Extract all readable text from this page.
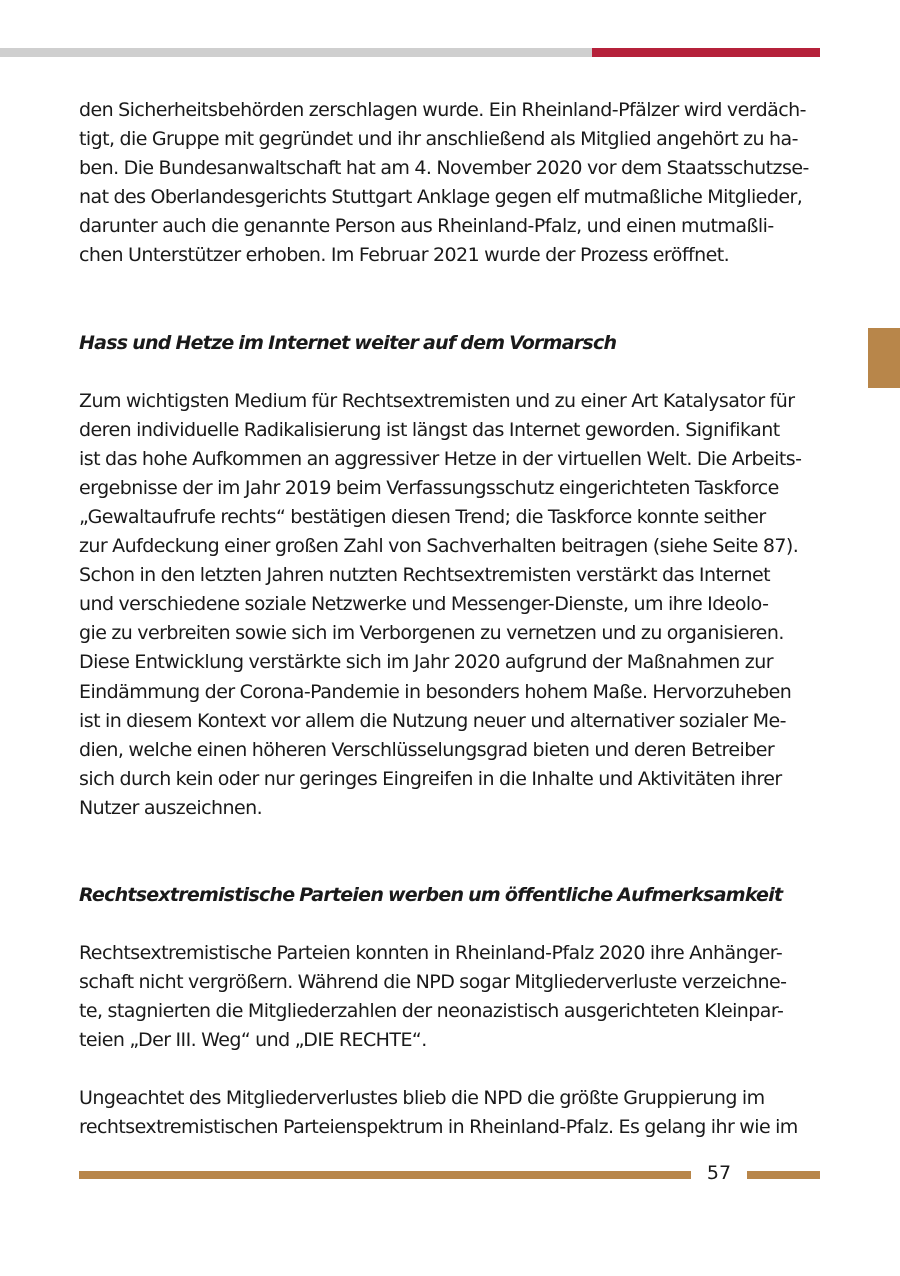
den Sicherheitsbehörden zerschlagen wurde. Ein Rheinland-Pfälzer wird verdäch-
tigt, die Gruppe mit gegründet und ihr anschließend als Mitglied angehört zu ha-
ben. Die Bundesanwaltschaft hat am 4. November 2020 vor dem Staatsschutzse-
nat des Oberlandesgerichts Stuttgart Anklage gegen elf mutmaßliche Mitglieder,
darunter auch die genannte Person aus Rheinland-Pfalz, und einen mutmaßli-
chen Unterstützer erhoben. Im Februar 2021 wurde der Prozess eröffnet.

Hass und Hetze im Internet weiter auf dem Vormarsch

Zum wichtigsten Medium für Rechtsextremisten und zu einer Art Katalysator für
deren individuelle Radikalisierung ist längst das Internet geworden. Signifikant
ist das hohe Aufkommen an aggressiver Hetze in der virtuellen Welt. Die Arbeits-
ergebnisse der im Jahr 2019 beim Verfassungsschutz eingerichteten Taskforce
„Gewaltaufrufe rechts“ bestätigen diesen Trend; die Taskforce konnte seither
zur Aufdeckung einer großen Zahl von Sachverhalten beitragen (siehe Seite 87).
Schon in den letzten Jahren nutzten Rechtsextremisten verstärkt das Internet
und verschiedene soziale Netzwerke und Messenger-Dienste, um ihre Ideolo-
gie zu verbreiten sowie sich im Verborgenen zu vernetzen und zu organisieren.
Diese Entwicklung verstärkte sich im Jahr 2020 aufgrund der Maßnahmen zur
Eindämmung der Corona-Pandemie in besonders hohem Maße. Hervorzuheben
ist in diesem Kontext vor allem die Nutzung neuer und alternativer sozialer Me-
dien, welche einen höheren Verschlüsselungsgrad bieten und deren Betreiber
sich durch kein oder nur geringes Eingreifen in die Inhalte und Aktivitäten ihrer
Nutzer auszeichnen.

Rechtsextremistische Parteien werben um öffentliche Aufmerksamkeit

Rechtsextremistische Parteien konnten in Rheinland-Pfalz 2020 ihre Anhänger-
schaft nicht vergrößern. Während die NPD sogar Mitgliederverluste verzeichne-
te, stagnierten die Mitgliederzahlen der neonazistisch ausgerichteten Kleinpar-
teien „Der III. Weg“ und „DIE RECHTE“.

Ungeachtet des Mitgliederverlustes blieb die NPD die größte Gruppierung im
rechtsextremistischen Parteienspektrum in Rheinland-Pfalz. Es gelang ihr wie im

57
